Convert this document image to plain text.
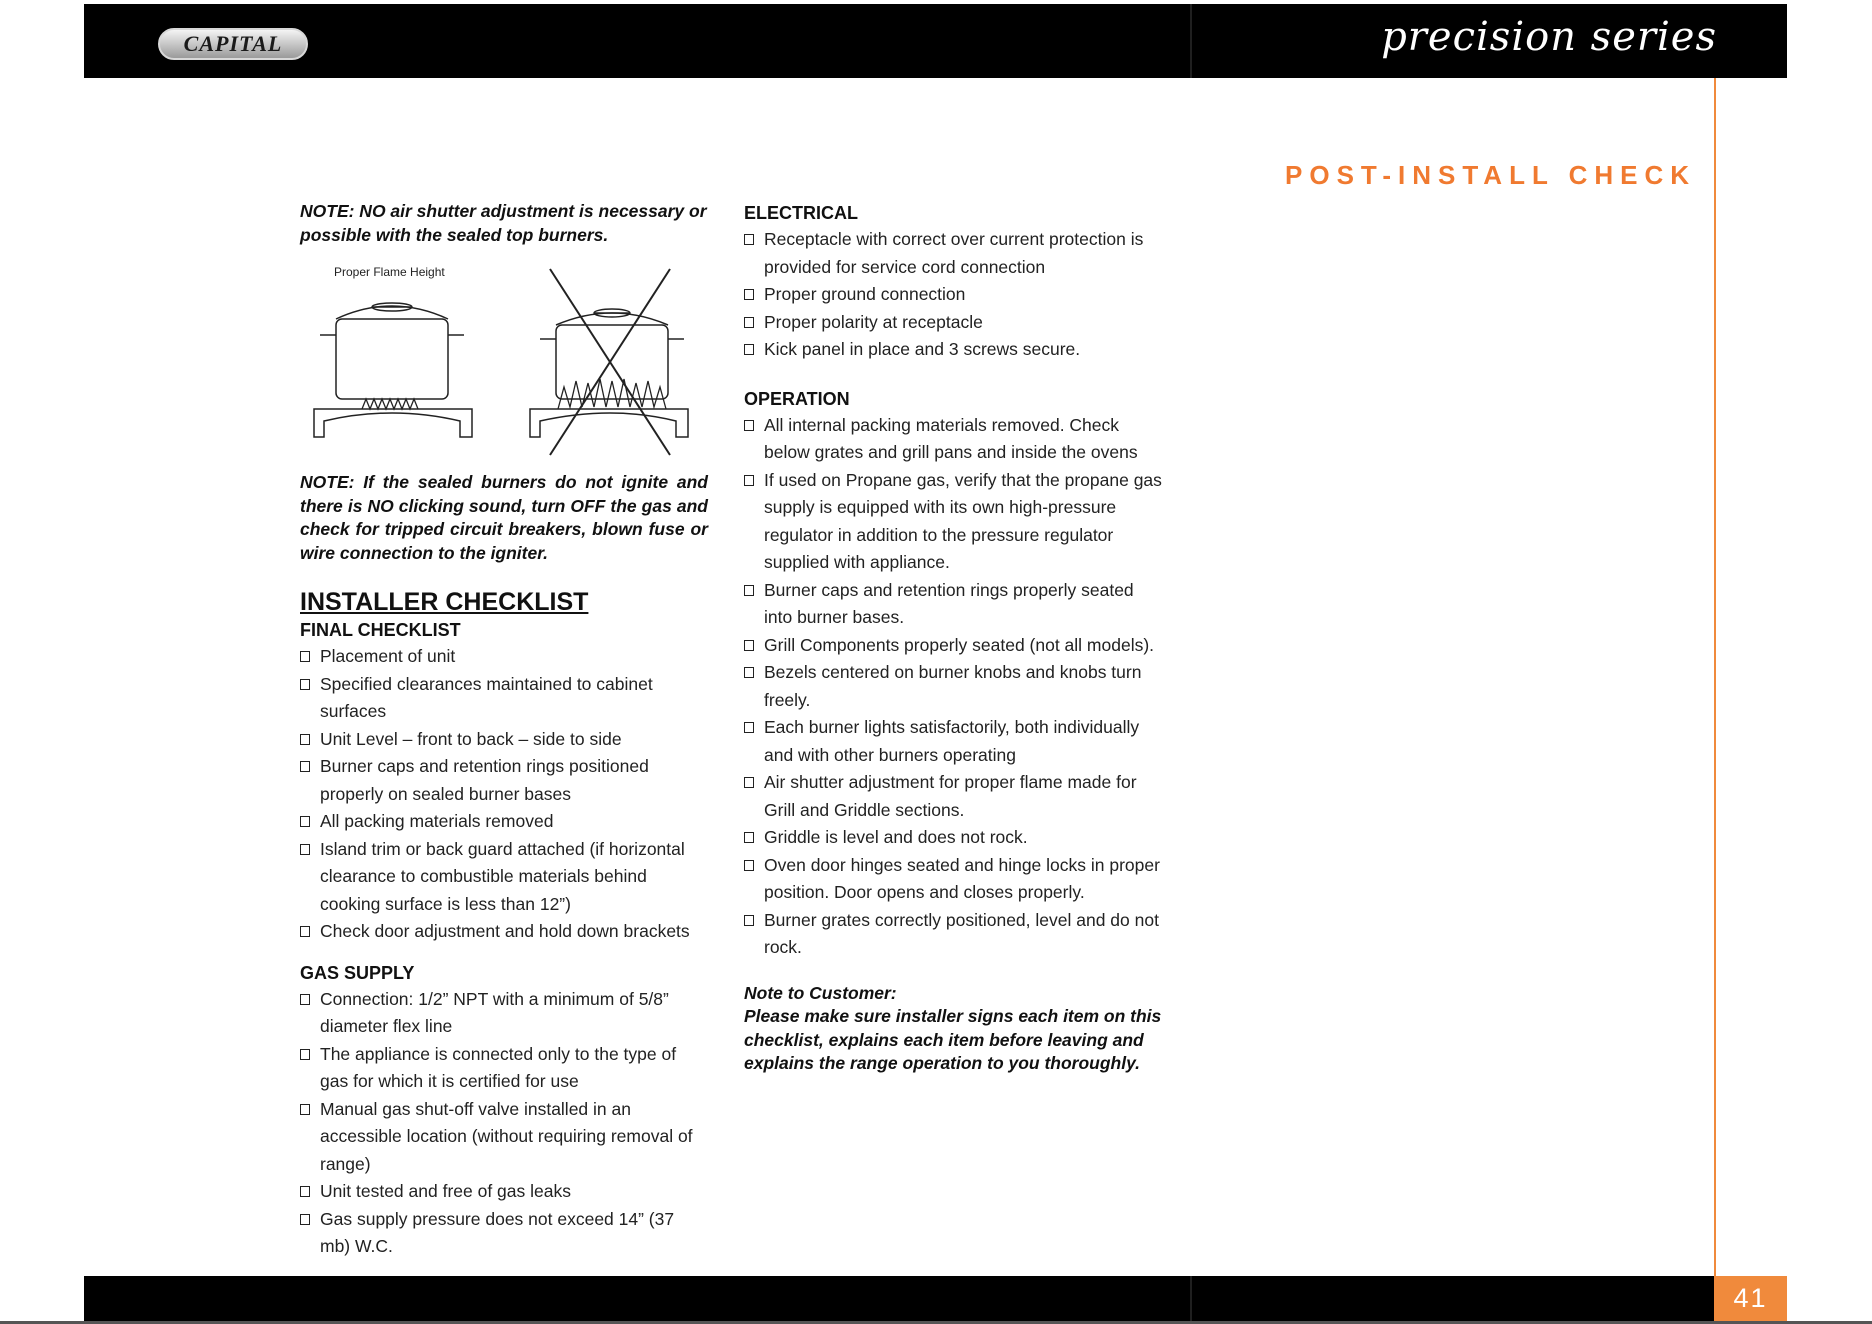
CAPITAL	precision series
POST-INSTALL CHECK

NOTE: NO air shutter adjustment is necessary or possible with the sealed top burners.

Proper Flame Height

NOTE: If the sealed burners do not ignite and there is NO clicking sound, turn OFF the gas and check for tripped circuit breakers, blown fuse or wire connection to the igniter.

INSTALLER CHECKLIST

FINAL CHECKLIST

Placement of unit
Specified clearances maintained to cabinet surfaces
Unit Level – front to back – side to side
Burner caps and retention rings positioned properly on sealed burner bases
All packing materials removed
Island trim or back guard attached (if horizontal clearance to combustible materials behind cooking surface is less than 12”)
Check door adjustment and hold down brackets

GAS SUPPLY

Connection: 1/2” NPT with a minimum of 5/8” diameter flex line
The appliance is connected only to the type of gas for which it is certified for use
Manual gas shut-off valve installed in an accessible location (without requiring removal of range)
Unit tested and free of gas leaks
Gas supply pressure does not exceed 14” (37 mb) W.C.

ELECTRICAL

Receptacle with correct over current protection is provided for service cord connection
Proper ground connection
Proper polarity at receptacle
Kick panel in place and 3 screws secure.

OPERATION

All internal packing materials removed. Check below grates and grill pans and inside the ovens
If used on Propane gas, verify that the propane gas supply is equipped with its own high-pressure regulator in addition to the pressure regulator supplied with appliance.
Burner caps and retention rings properly seated into burner bases.
Grill Components properly seated (not all models).
Bezels centered on burner knobs and knobs turn freely.
Each burner lights satisfactorily, both individually and with other burners operating
Air shutter adjustment for proper flame made for Grill and Griddle sections.
Griddle is level and does not rock.
Oven door hinges seated and hinge locks in proper position. Door opens and closes properly.
Burner grates correctly positioned, level and do not rock.

Note to Customer:

Please make sure installer signs each item on this checklist, explains each item before leaving and explains the range operation to you thoroughly.

41
